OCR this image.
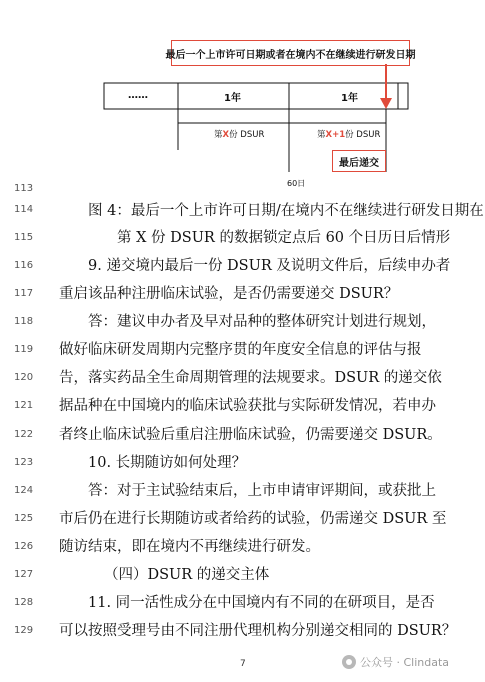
最后一个上市许可日期或者在境内不在继续进行研发日期
……	1年	1年
第X份 DSUR	第X+1份 DSUR
最后递交
60日
113
114	图 4：最后一个上市许可日期/在境内不在继续进行研发日期在
115	第 X 份 DSUR 的数据锁定点后 60 个日历日后情形
116	9. 递交境内最后一份 DSUR 及说明文件后，后续申办者
117 重启该品种注册临床试验，是否仍需要递交 DSUR？
118	答：建议申办者及早对品种的整体研究计划进行规划，
119 做好临床研发周期内完整序贯的年度安全信息的评估与报
120 告，落实药品全生命周期管理的法规要求。DSUR 的递交依
121 据品种在中国境内的临床试验获批与实际研发情况，若申办
122 者终止临床试验后重启注册临床试验，仍需要递交 DSUR。
123	10. 长期随访如何处理？
124	答：对于主试验结束后，上市申请审评期间，或获批上
125 市后仍在进行长期随访或者给药的试验，仍需递交 DSUR 至
126 随访结束，即在境内不再继续进行研发。
127	（四）DSUR 的递交主体
128	11. 同一活性成分在中国境内有不同的在研项目，是否
129 可以按照受理号由不同注册代理机构分别递交相同的 DSUR？
7	公众号 · Clindata
